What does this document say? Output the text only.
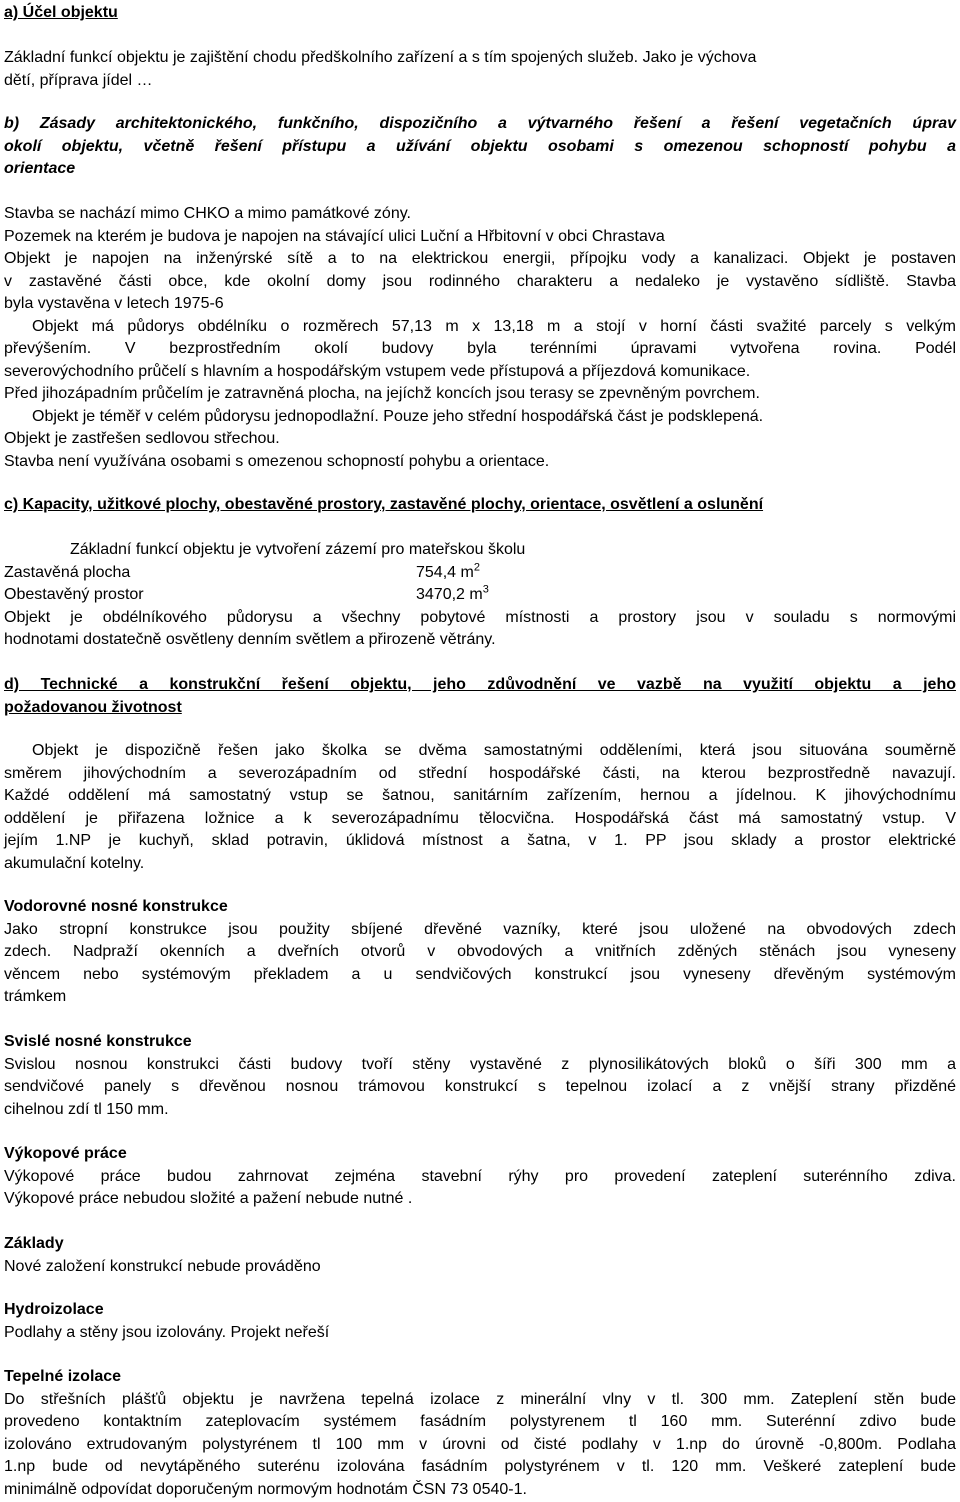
a) Účel objektu
Základní funkcí objektu je zajištění chodu předškolního zařízení a s tím spojených služeb. Jako je výchova
dětí, příprava jídel …
b) Zásady architektonického, funkčního, dispozičního a výtvarného řešení a řešení vegetačních úprav
okolí objektu, včetně řešení přístupu a užívání objektu osobami s omezenou schopností pohybu a
orientace
Stavba se nachází mimo CHKO a mimo památkové zóny.
Pozemek na kterém je budova je napojen na stávající ulici Luční a Hřbitovní v obci Chrastava
Objekt je napojen na inženýrské sítě a to na elektrickou energii, přípojku vody a kanalizaci. Objekt je postaven
v zastavěné části obce, kde okolní domy jsou rodinného charakteru a nedaleko je vystavěno sídliště. Stavba
byla vystavěna v letech 1975-6
Objekt má půdorys obdélníku o rozměrech 57,13 m x 13,18 m a stojí v horní části svažité parcely s velkým
převýšením. V bezprostředním okolí budovy byla terénními úpravami vytvořena rovina. Podél
severovýchodního průčelí s hlavním a hospodářským vstupem vede přístupová a příjezdová komunikace.
Před jihozápadním průčelím je zatravněná plocha, na jejíchž koncích jsou terasy se zpevněným povrchem.
Objekt je téměř v celém půdorysu jednopodlažní. Pouze jeho střední hospodářská část je podsklepená.
Objekt je zastřešen sedlovou střechou.
Stavba není využívána osobami s omezenou schopností pohybu a orientace.
c) Kapacity, užitkové plochy, obestavěné prostory, zastavěné plochy, orientace, osvětlení a oslunění
Základní funkcí objektu je vytvoření zázemí pro mateřskou školu
Zastavěná plocha	754,4 $m^2$
Obestavěný prostor	3470,2 $m^3$
Objekt je obdélníkového půdorysu a všechny pobytové místnosti a prostory jsou v souladu s normovými
hodnotami dostatečně osvětleny denním světlem a přirozeně větrány.
d) Technické a konstrukční řešení objektu, jeho zdůvodnění ve vazbě na využití objektu a jeho
požadovanou životnost
Objekt je dispozičně řešen jako školka se dvěma samostatnými odděleními, která jsou situována souměrně
směrem jihovýchodním a severozápadním od střední hospodářské části, na kterou bezprostředně navazují.
Každé oddělení má samostatný vstup se šatnou, sanitárním zařízením, hernou a jídelnou. K jihovýchodnímu
oddělení je přiřazena ložnice a k severozápadnímu tělocvična. Hospodářská část má samostatný vstup. V
jejím 1.NP je kuchyň, sklad potravin, úklidová místnost a šatna, v 1. PP jsou sklady a prostor elektrické
akumulační kotelny.
Vodorovné nosné konstrukce
Jako stropní konstrukce jsou použity sbíjené dřevěné vazníky, které jsou uložené na obvodových zdech
zdech. Nadpraží okenních a dveřních otvorů v obvodových a vnitřních zděných stěnách jsou vyneseny
věncem nebo systémovým překladem a u sendvičových konstrukcí jsou vyneseny dřevěným systémovým
trámkem
Svislé nosné konstrukce
Svislou nosnou konstrukci části budovy tvoří stěny vystavěné z plynosilikátových bloků o šíři 300 mm a
sendvičové panely s dřevěnou nosnou trámovou konstrukcí s tepelnou izolací a z vnější strany přizděné
cihelnou zdí tl 150 mm.
Výkopové práce
Výkopové práce budou zahrnovat zejména stavební rýhy pro provedení zateplení suterénního zdiva.
Výkopové práce nebudou složité a pažení nebude nutné .
Základy
Nové založení konstrukcí nebude prováděno
Hydroizolace
Podlahy a stěny jsou izolovány. Projekt neřeší
Tepelné izolace
Do střešních plášťů objektu je navržena tepelná izolace z minerální vlny v tl. 300 mm. Zateplení stěn bude
provedeno kontaktním zateplovacím systémem fasádním polystyrenem tl 160 mm. Suterénní zdivo bude
izolováno extrudovaným polystyrénem tl 100 mm v úrovni od čisté podlahy v 1.np do úrovně -0,800m. Podlaha
1.np bude od nevytápěného suterénu izolována fasádním polystyrénem v tl. 120 mm. Veškeré zateplení bude
minimálně odpovídat doporučeným normovým hodnotám ČSN 73 0540-1.
